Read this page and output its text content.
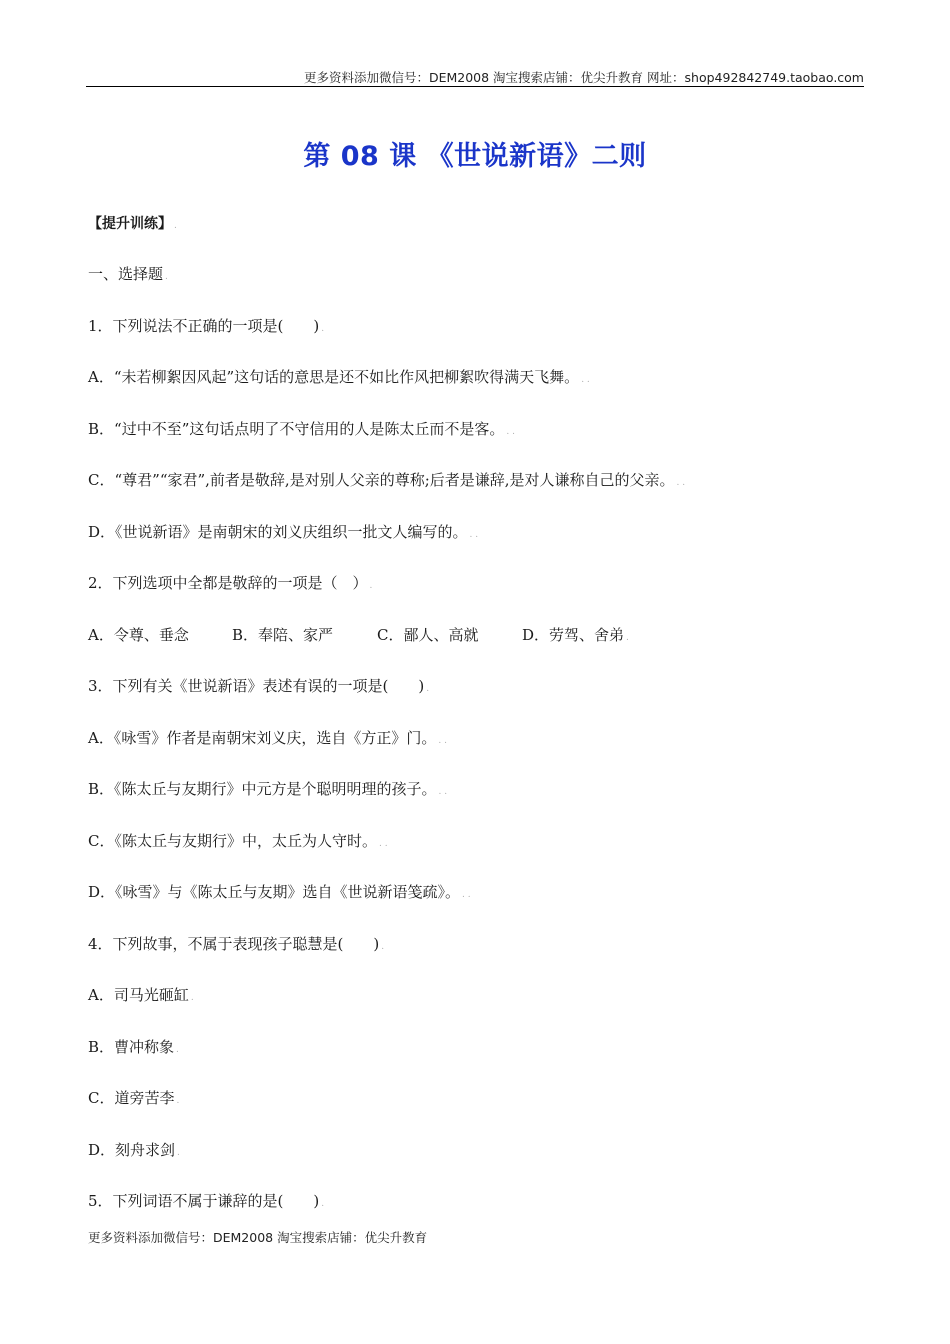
更多资料添加微信号：DEM2008 淘宝搜索店铺：优尖升教育 网址：shop492842749.taobao.com
第 08 课 《世说新语》二则
【提升训练】 .
一、选择题 .
1．下列说法不正确的一项是(　　) .
A．“未若柳絮因风起”这句话的意思是还不如比作风把柳絮吹得满天飞舞。 . .
B．“过中不至”这句话点明了不守信用的人是陈太丘而不是客。 . .
C．“尊君”“家君”,前者是敬辞,是对别人父亲的尊称;后者是谦辞,是对人谦称自己的父亲。 . .
D．《世说新语》是南朝宋的刘义庆组织一批文人编写的。 . .
2．下列选项中全都是敬辞的一项是（　） .
A．令尊、垂念	B．奉陪、家严	C．鄙人、高就	D．劳驾、舍弟 .
3．下列有关《世说新语》表述有误的一项是(　　) .
A．《咏雪》作者是南朝宋刘义庆，选自《方正》门。 . .
B．《陈太丘与友期行》中元方是个聪明明理的孩子。 . .
C．《陈太丘与友期行》中，太丘为人守时。 . .
D．《咏雪》与《陈太丘与友期》选自《世说新语笺疏》。 . .
4．下列故事，不属于表现孩子聪慧是(　　) .
A．司马光砸缸 .
B．曹冲称象 .
C．道旁苦李 .
D．刻舟求剑 .
5．下列词语不属于谦辞的是(　　) .
更多资料添加微信号：DEM2008 淘宝搜索店铺：优尖升教育
